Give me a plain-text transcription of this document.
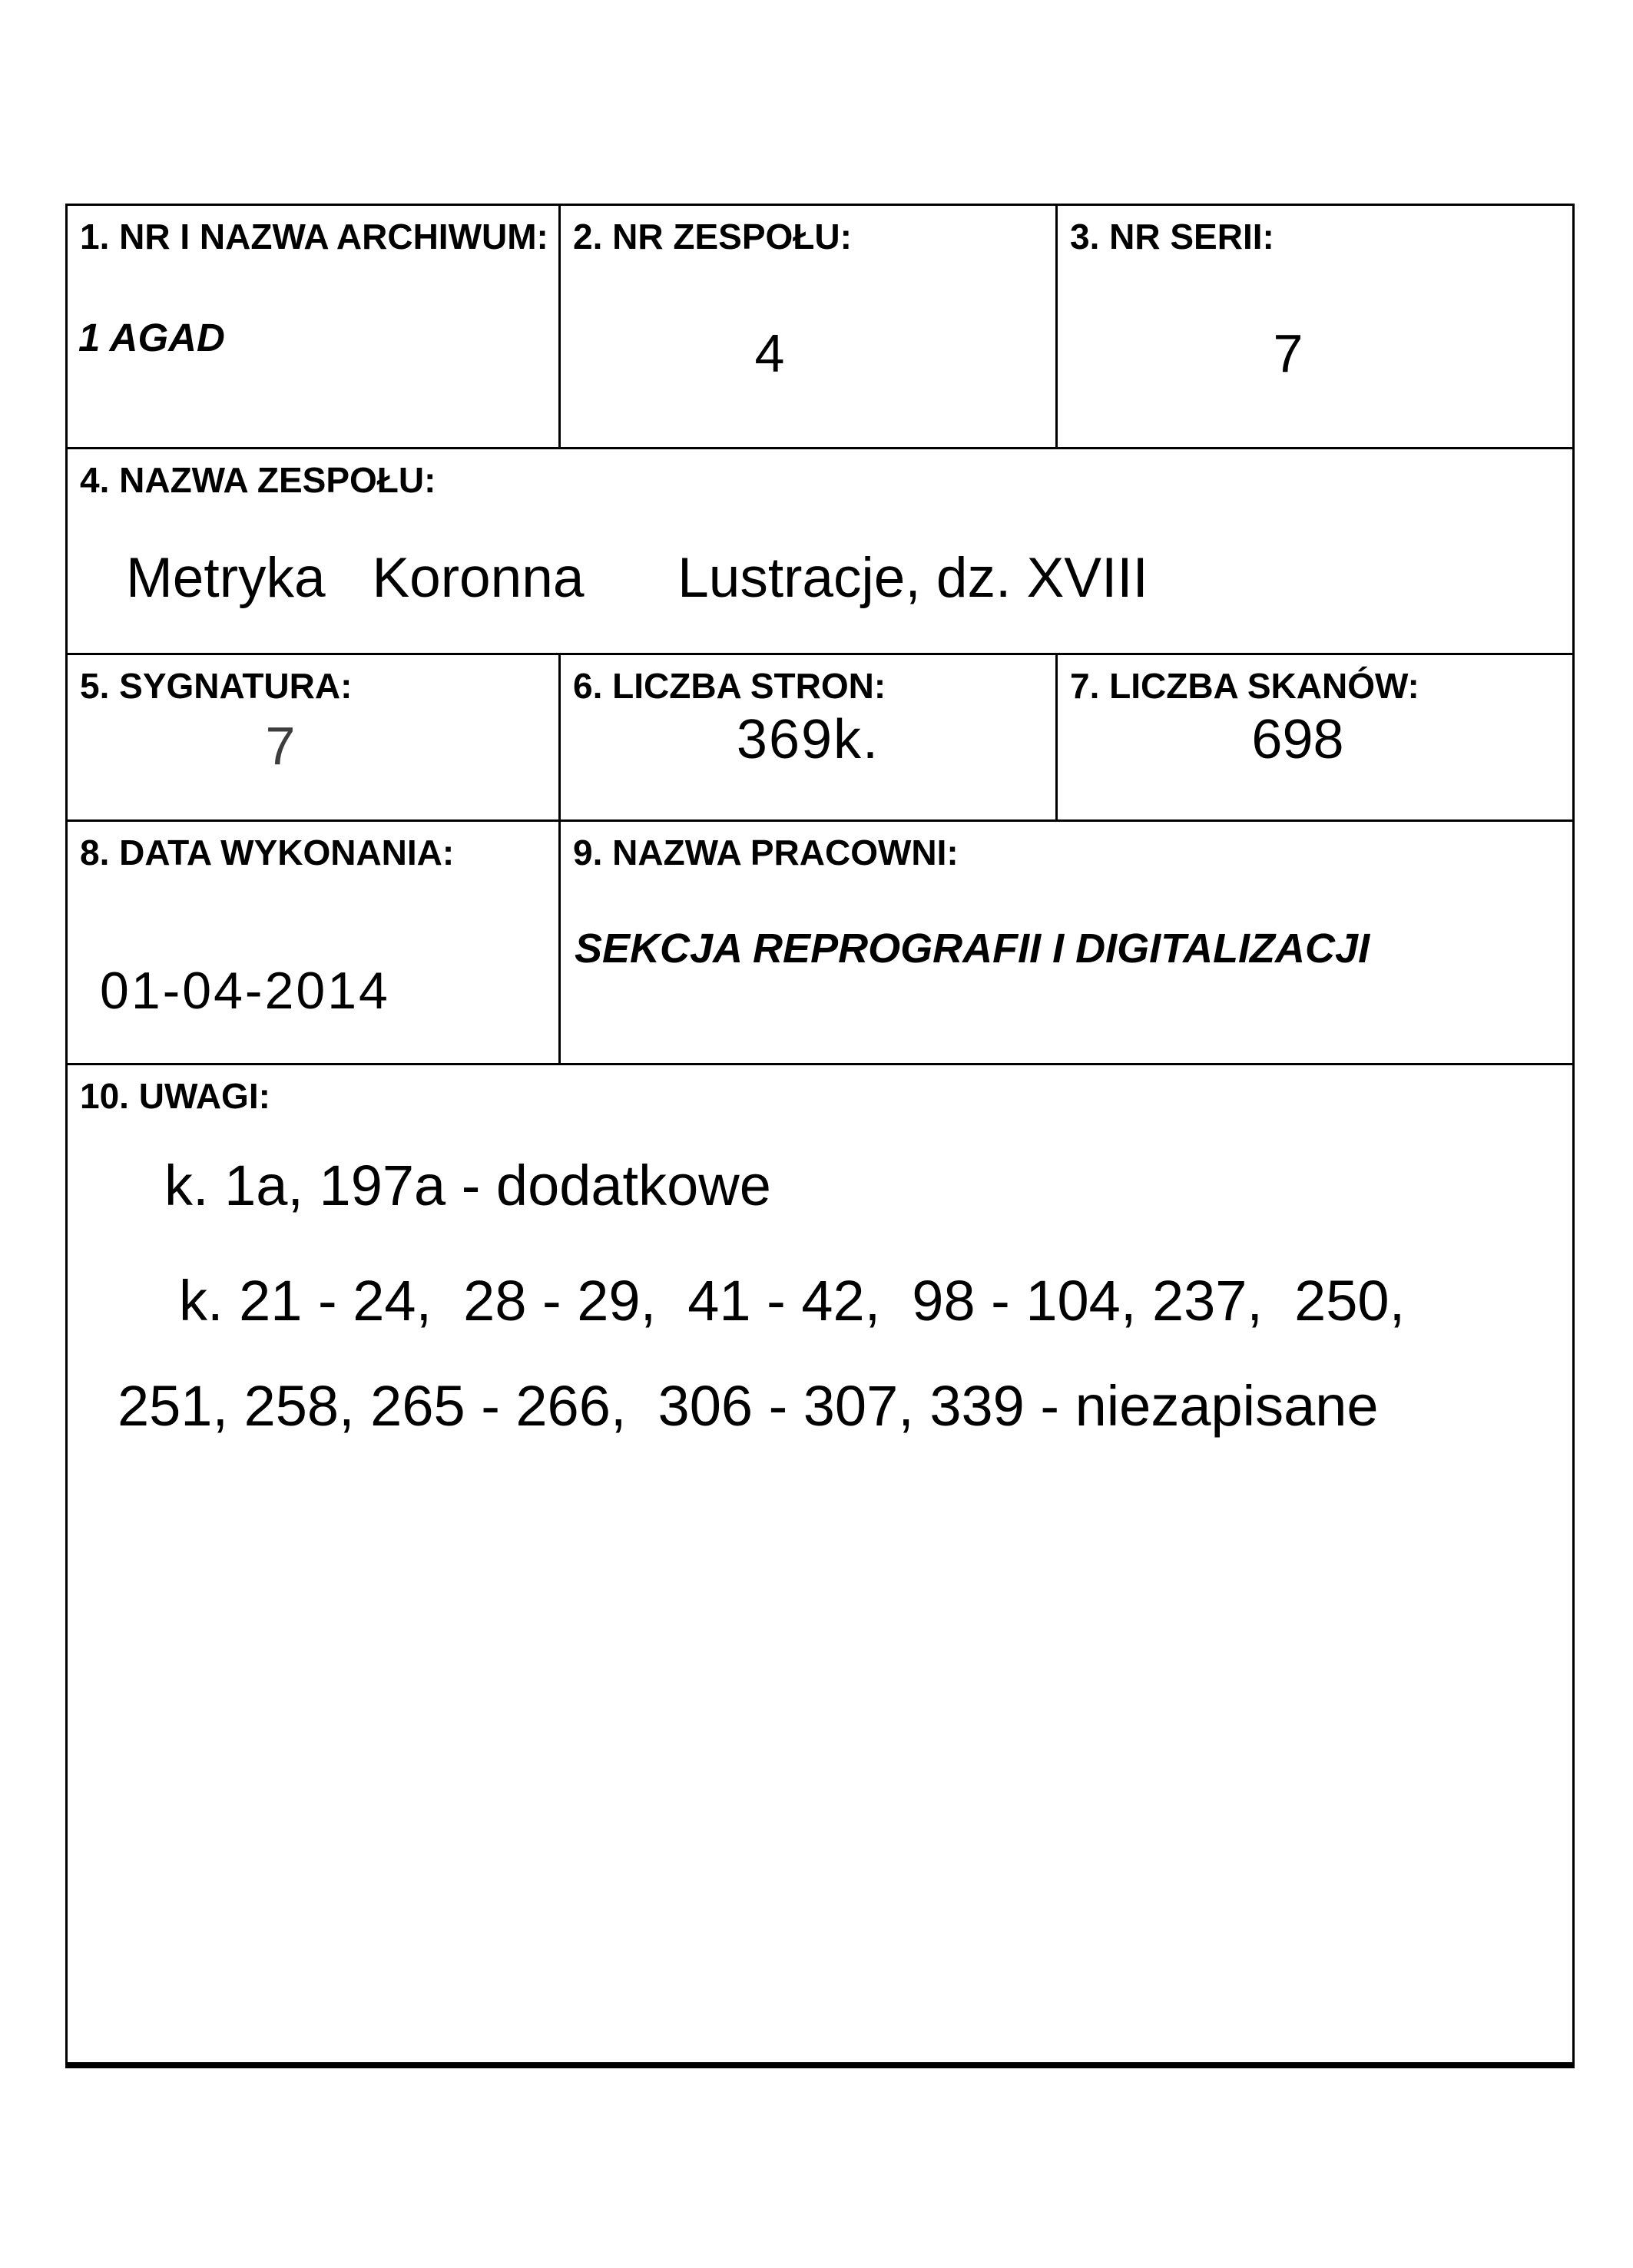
1. NR I NAZWA ARCHIWUM:
1 AGAD
2. NR ZESPOŁU:
4
3. NR SERII:
7
4. NAZWA ZESPOŁU:
Metryka   Koronna      Lustracje, dz. XVIII
5. SYGNATURA:
7
6. LICZBA STRON:
369k.
7. LICZBA SKANÓW:
698
8. DATA WYKONANIA:
01-04-2014
9. NAZWA PRACOWNI:
SEKCJA REPROGRAFII I DIGITALIZACJI
10. UWAGI:
k. 1a, 197a - dodatkowe
k. 21 - 24,  28 - 29,  41 - 42,  98 - 104, 237,  250,
251, 258, 265 - 266,  306 - 307, 339 - niezapisane
